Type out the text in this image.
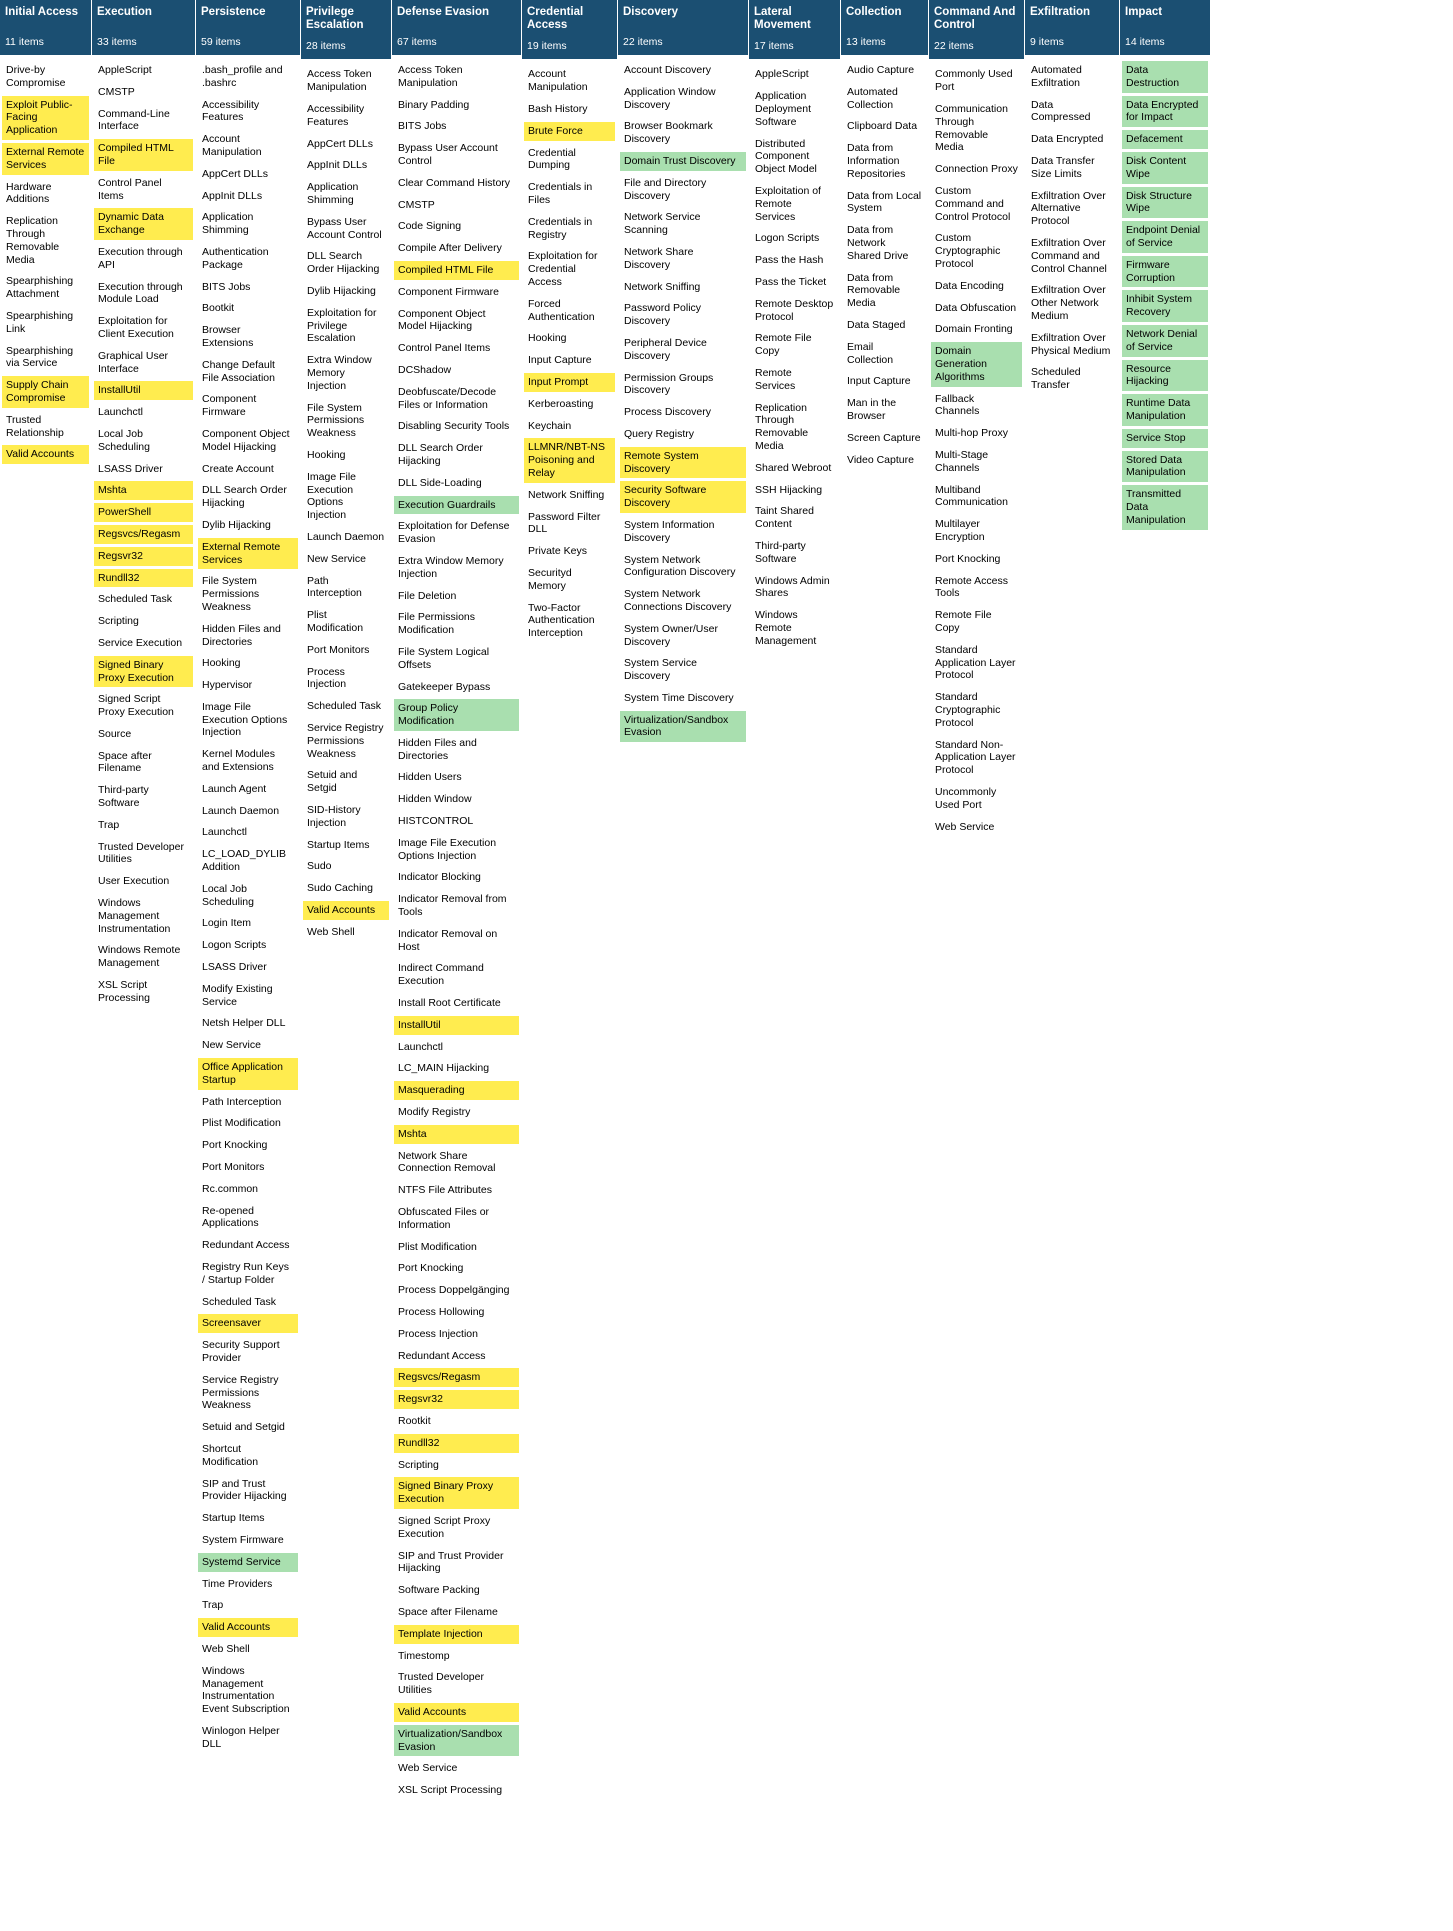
Initial Access
11 items
Drive-by Compromise
Exploit Public-Facing Application
External Remote Services
Hardware Additions
Replication Through Removable Media
Spearphishing Attachment
Spearphishing Link
Spearphishing via Service
Supply Chain Compromise
Trusted Relationship
Valid Accounts
Execution
33 items
AppleScript
CMSTP
Command-Line Interface
Compiled HTML File
Control Panel Items
Dynamic Data Exchange
Execution through API
Execution through Module Load
Exploitation for Client Execution
Graphical User Interface
InstallUtil
Launchctl
Local Job Scheduling
LSASS Driver
Mshta
PowerShell
Regsvcs/Regasm
Regsvr32
Rundll32
Scheduled Task
Scripting
Service Execution
Signed Binary Proxy Execution
Signed Script Proxy Execution
Source
Space after Filename
Third-party Software
Trap
Trusted Developer Utilities
User Execution
Windows Management Instrumentation
Windows Remote Management
XSL Script Processing
Persistence
59 items
.bash_profile and .bashrc
Accessibility Features
Account Manipulation
AppCert DLLs
AppInit DLLs
Application Shimming
Authentication Package
BITS Jobs
Bootkit
Browser Extensions
Change Default File Association
Component Firmware
Component Object Model Hijacking
Create Account
DLL Search Order Hijacking
Dylib Hijacking
External Remote Services
File System Permissions Weakness
Hidden Files and Directories
Hooking
Hypervisor
Image File Execution Options Injection
Kernel Modules and Extensions
Launch Agent
Launch Daemon
Launchctl
LC_LOAD_DYLIB Addition
Local Job Scheduling
Login Item
Logon Scripts
LSASS Driver
Modify Existing Service
Netsh Helper DLL
New Service
Office Application Startup
Path Interception
Plist Modification
Port Knocking
Port Monitors
Rc.common
Re-opened Applications
Redundant Access
Registry Run Keys / Startup Folder
Scheduled Task
Screensaver
Security Support Provider
Service Registry Permissions Weakness
Setuid and Setgid
Shortcut Modification
SIP and Trust Provider Hijacking
Startup Items
System Firmware
Systemd Service
Time Providers
Trap
Valid Accounts
Web Shell
Windows Management Instrumentation Event Subscription
Winlogon Helper DLL
Privilege Escalation
28 items
Access Token Manipulation
Accessibility Features
AppCert DLLs
AppInit DLLs
Application Shimming
Bypass User Account Control
DLL Search Order Hijacking
Dylib Hijacking
Exploitation for Privilege Escalation
Extra Window Memory Injection
File System Permissions Weakness
Hooking
Image File Execution Options Injection
Launch Daemon
New Service
Path Interception
Plist Modification
Port Monitors
Process Injection
Scheduled Task
Service Registry Permissions Weakness
Setuid and Setgid
SID-History Injection
Startup Items
Sudo
Sudo Caching
Valid Accounts
Web Shell
Defense Evasion
67 items
Access Token Manipulation
Binary Padding
BITS Jobs
Bypass User Account Control
Clear Command History
CMSTP
Code Signing
Compile After Delivery
Compiled HTML File
Component Firmware
Component Object Model Hijacking
Control Panel Items
DCShadow
Deobfuscate/Decode Files or Information
Disabling Security Tools
DLL Search Order Hijacking
DLL Side-Loading
Execution Guardrails
Exploitation for Defense Evasion
Extra Window Memory Injection
File Deletion
File Permissions Modification
File System Logical Offsets
Gatekeeper Bypass
Group Policy Modification
Hidden Files and Directories
Hidden Users
Hidden Window
HISTCONTROL
Image File Execution Options Injection
Indicator Blocking
Indicator Removal from Tools
Indicator Removal on Host
Indirect Command Execution
Install Root Certificate
InstallUtil
Launchctl
LC_MAIN Hijacking
Masquerading
Modify Registry
Mshta
Network Share Connection Removal
NTFS File Attributes
Obfuscated Files or Information
Plist Modification
Port Knocking
Process Doppelgänging
Process Hollowing
Process Injection
Redundant Access
Regsvcs/Regasm
Regsvr32
Rootkit
Rundll32
Scripting
Signed Binary Proxy Execution
Signed Script Proxy Execution
SIP and Trust Provider Hijacking
Software Packing
Space after Filename
Template Injection
Timestomp
Trusted Developer Utilities
Valid Accounts
Virtualization/Sandbox Evasion
Web Service
XSL Script Processing
Credential Access
19 items
Account Manipulation
Bash History
Brute Force
Credential Dumping
Credentials in Files
Credentials in Registry
Exploitation for Credential Access
Forced Authentication
Hooking
Input Capture
Input Prompt
Kerberoasting
Keychain
LLMNR/NBT-NS Poisoning and Relay
Network Sniffing
Password Filter DLL
Private Keys
Securityd Memory
Two-Factor Authentication Interception
Discovery
22 items
Account Discovery
Application Window Discovery
Browser Bookmark Discovery
Domain Trust Discovery
File and Directory Discovery
Network Service Scanning
Network Share Discovery
Network Sniffing
Password Policy Discovery
Peripheral Device Discovery
Permission Groups Discovery
Process Discovery
Query Registry
Remote System Discovery
Security Software Discovery
System Information Discovery
System Network Configuration Discovery
System Network Connections Discovery
System Owner/User Discovery
System Service Discovery
System Time Discovery
Virtualization/Sandbox Evasion
Lateral Movement
17 items
AppleScript
Application Deployment Software
Distributed Component Object Model
Exploitation of Remote Services
Logon Scripts
Pass the Hash
Pass the Ticket
Remote Desktop Protocol
Remote File Copy
Remote Services
Replication Through Removable Media
Shared Webroot
SSH Hijacking
Taint Shared Content
Third-party Software
Windows Admin Shares
Windows Remote Management
Collection
13 items
Audio Capture
Automated Collection
Clipboard Data
Data from Information Repositories
Data from Local System
Data from Network Shared Drive
Data from Removable Media
Data Staged
Email Collection
Input Capture
Man in the Browser
Screen Capture
Video Capture
Command And Control
22 items
Commonly Used Port
Communication Through Removable Media
Connection Proxy
Custom Command and Control Protocol
Custom Cryptographic Protocol
Data Encoding
Data Obfuscation
Domain Fronting
Domain Generation Algorithms
Fallback Channels
Multi-hop Proxy
Multi-Stage Channels
Multiband Communication
Multilayer Encryption
Port Knocking
Remote Access Tools
Remote File Copy
Standard Application Layer Protocol
Standard Cryptographic Protocol
Standard Non-Application Layer Protocol
Uncommonly Used Port
Web Service
Exfiltration
9 items
Automated Exfiltration
Data Compressed
Data Encrypted
Data Transfer Size Limits
Exfiltration Over Alternative Protocol
Exfiltration Over Command and Control Channel
Exfiltration Over Other Network Medium
Exfiltration Over Physical Medium
Scheduled Transfer
Impact
14 items
Data Destruction
Data Encrypted for Impact
Defacement
Disk Content Wipe
Disk Structure Wipe
Endpoint Denial of Service
Firmware Corruption
Inhibit System Recovery
Network Denial of Service
Resource Hijacking
Runtime Data Manipulation
Service Stop
Stored Data Manipulation
Transmitted Data Manipulation
